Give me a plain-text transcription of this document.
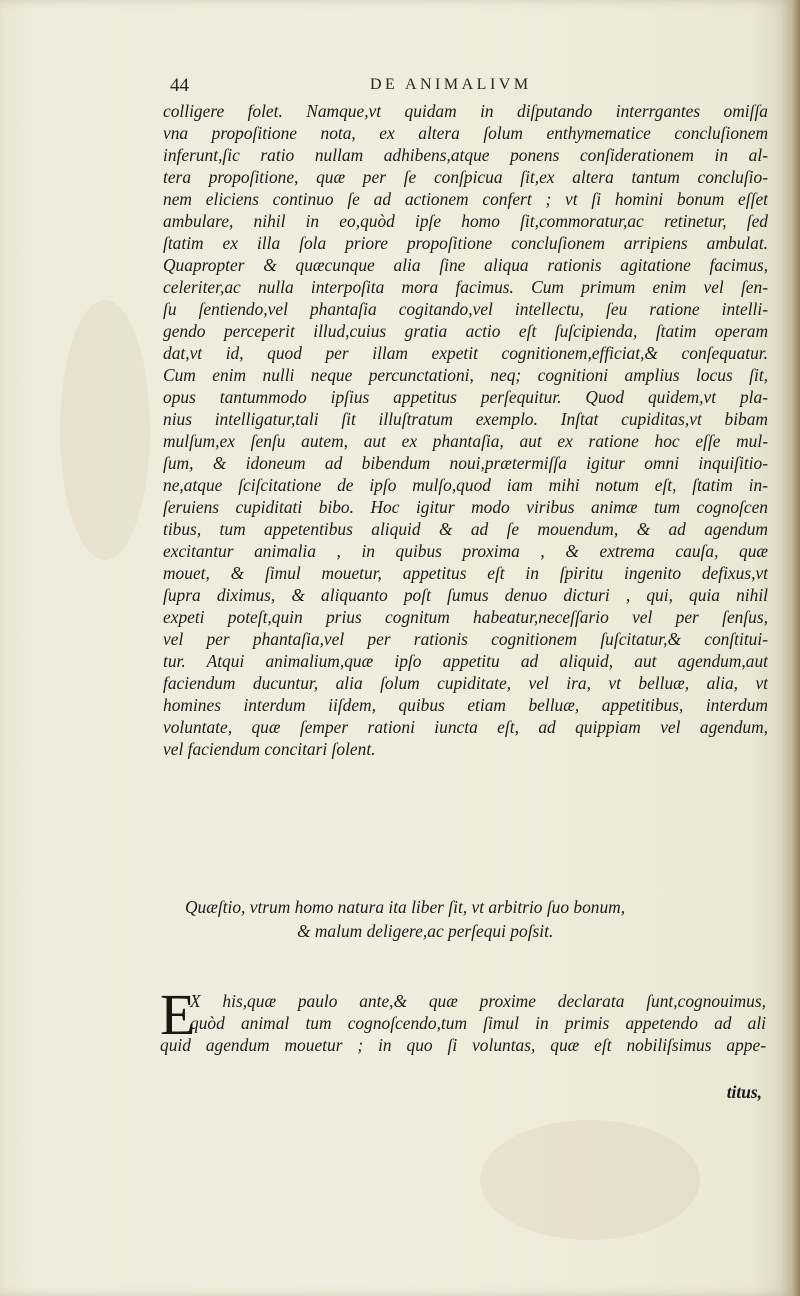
44	DE ANIMALIVM
colligere folet. Namque,vt quidam in diſputando interrgantes omiſſa
vna propoſitione nota, ex altera ſolum enthymematice concluſionem
inferunt,ſic ratio nullam adhibens,atque ponens conſiderationem in al-
tera propoſitione, quæ per ſe conſpicua ſit,ex altera tantum concluſio-
nem eliciens continuo ſe ad actionem confert ; vt ſi homini bonum eſſet
ambulare, nihil in eo,quòd ipſe homo ſit,commoratur,ac retinetur, ſed
ſtatim ex illa ſola priore propoſitione concluſionem arripiens ambulat.
Quapropter & quæcunque alia ſine aliqua rationis agitatione facimus,
celeriter,ac nulla interpoſita mora facimus. Cum primum enim vel ſen-
ſu ſentiendo,vel phantaſia cogitando,vel intellectu, ſeu ratione intelli-
gendo perceperit illud,cuius gratia actio eſt ſuſcipienda, ſtatim operam
dat,vt id, quod per illam expetit cognitionem,efficiat,& conſequatur.
Cum enim nulli neque percunctationi, neq; cognitioni amplius locus ſit,
opus tantummodo ipſius appetitus perſequitur. Quod quidem,vt pla-
nius intelligatur,tali ſit illuſtratum exemplo. Inſtat cupiditas,vt bibam
mulſum,ex ſenſu autem, aut ex phantaſia, aut ex ratione hoc eſſe mul-
ſum, & idoneum ad bibendum noui,prætermiſſa igitur omni inquiſitio-
ne,atque ſciſcitatione de ipſo mulſo,quod iam mihi notum eſt, ſtatim in-
ſeruiens cupiditati bibo. Hoc igitur modo viribus animæ tum cognoſcen
tibus, tum appetentibus aliquid & ad ſe mouendum, & ad agendum
excitantur animalia , in quibus proxima , & extrema cauſa, quæ
mouet, & ſimul mouetur, appetitus eſt in ſpiritu ingenito defixus,vt
ſupra diximus, & aliquanto poſt ſumus denuo dicturi , qui, quia nihil
expeti poteſt,quin prius cognitum habeatur,neceſſario vel per ſenſus,
vel per phantaſia,vel per rationis cognitionem ſuſcitatur,& conſtitui-
tur. Atqui animalium,quæ ipſo appetitu ad aliquid, aut agendum,aut
faciendum ducuntur, alia ſolum cupiditate, vel ira, vt belluæ, alia, vt
homines interdum iiſdem, quibus etiam belluæ, appetitibus, interdum
voluntate, quæ ſemper rationi iuncta eſt, ad quippiam vel agendum,
vel faciendum concitari ſolent.
Quæſtio, vtrum homo natura ita liber ſit, vt arbitrio ſuo bonum,
& malum deligere,ac perſequi poſsit.
E
X his,quæ paulo ante,& quæ proxime declarata ſunt,cognouimus,
quòd animal tum cognoſcendo,tum ſimul in primis appetendo ad ali
quid agendum mouetur ; in quo ſi voluntas, quæ eſt nobiliſsimus appe-
titus,
